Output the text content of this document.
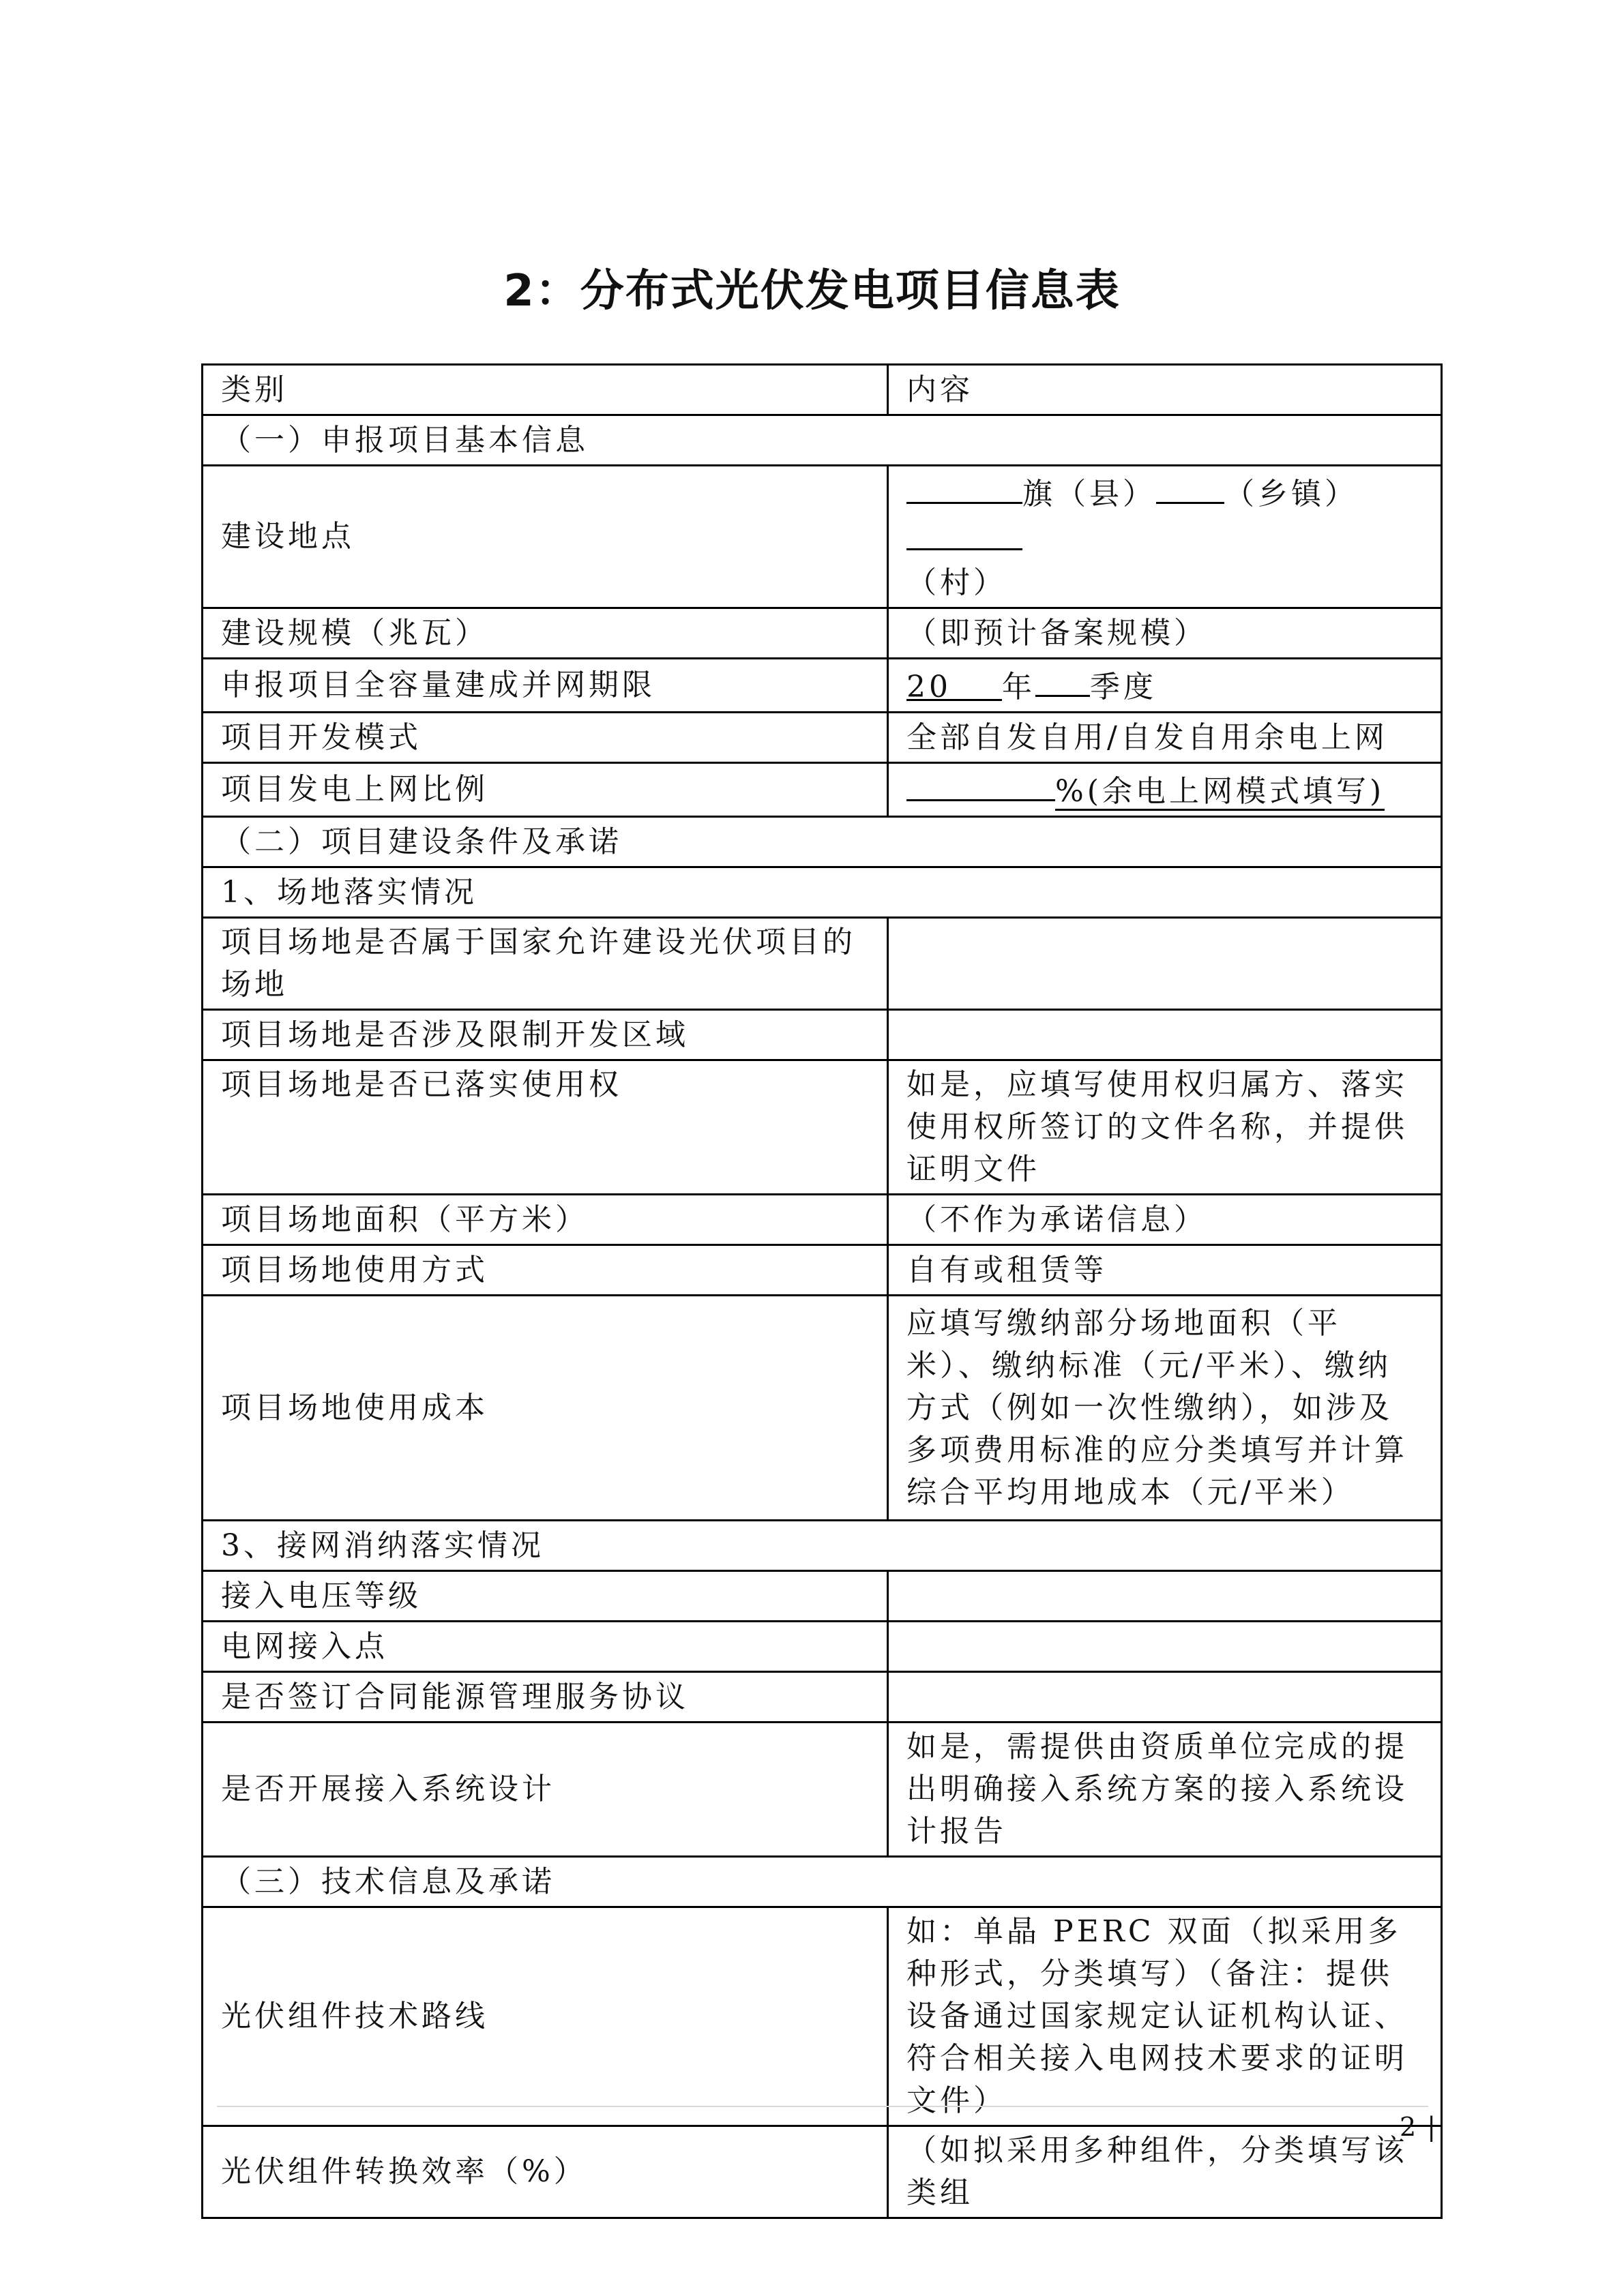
2：分布式光伏发电项目信息表
类别	内容
（一）申报项目基本信息	
建设地点	旗（县） （乡镇）
（村）
建设规模（兆瓦）	（即预计备案规模）
申报项目全容量建成并网期限	20 年 季度
项目开发模式	全部自发自用/自发自用余电上网
项目发电上网比例	%(余电上网模式填写)
（二）项目建设条件及承诺	
1、场地落实情况	
项目场地是否属于国家允许建设光伏项目的场地	
项目场地是否涉及限制开发区域	
项目场地是否已落实使用权	如是，应填写使用权归属方、落实使用权所签订的文件名称，并提供证明文件
项目场地面积（平方米）	（不作为承诺信息）
项目场地使用方式	自有或租赁等
项目场地使用成本	应填写缴纳部分场地面积（平米）、缴纳标准（元/平米）、缴纳方式（例如一次性缴纳），如涉及多项费用标准的应分类填写并计算综合平均用地成本（元/平米）
3、接网消纳落实情况	
接入电压等级	
电网接入点	
是否签订合同能源管理服务协议	
是否开展接入系统设计	如是，需提供由资质单位完成的提出明确接入系统方案的接入系统设计报告
（三）技术信息及承诺	
光伏组件技术路线	如：单晶 PERC 双面（拟采用多种形式，分类填写）（备注：提供设备通过国家规定认证机构认证、符合相关接入电网技术要求的证明文件）
光伏组件转换效率（%）	（如拟采用多种组件，分类填写该类组
2 |
